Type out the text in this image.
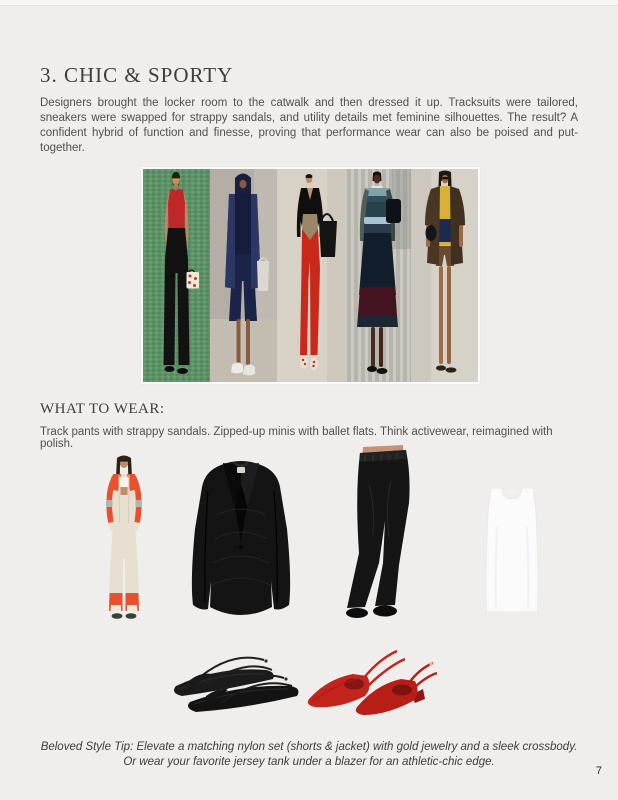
3. CHIC & SPORTY

Designers brought the locker room to the catwalk and then dressed it up. Tracksuits were tailored, sneakers were swapped for strappy sandals, and utility details met feminine silhouettes. The result? A confident hybrid of function and finesse, proving that performance wear can also be poised and put-together.

WHAT TO WEAR:

Track pants with strappy sandals. Zipped-up minis with ballet flats. Think activewear, reimagined with polish.

Beloved Style Tip: Elevate a matching nylon set (shorts & jacket) with gold jewelry and a sleek crossbody. Or wear your favorite jersey tank under a blazer for an athletic-chic edge.

7
